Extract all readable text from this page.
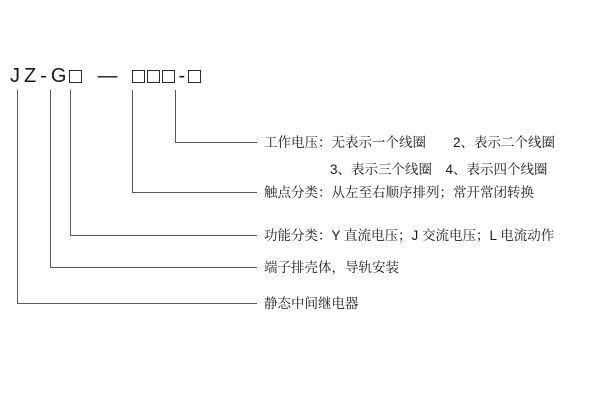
J Z - G —	-
工作电压：无表示一个线圈　　2、表示二个线圈
3、表示三个线圈　4、表示四个线圈
触点分类：从左至右顺序排列；常开常闭转换
功能分类：Y 直流电压；J 交流电压；L 电流动作
端子排壳体，导轨安装
静态中间继电器
